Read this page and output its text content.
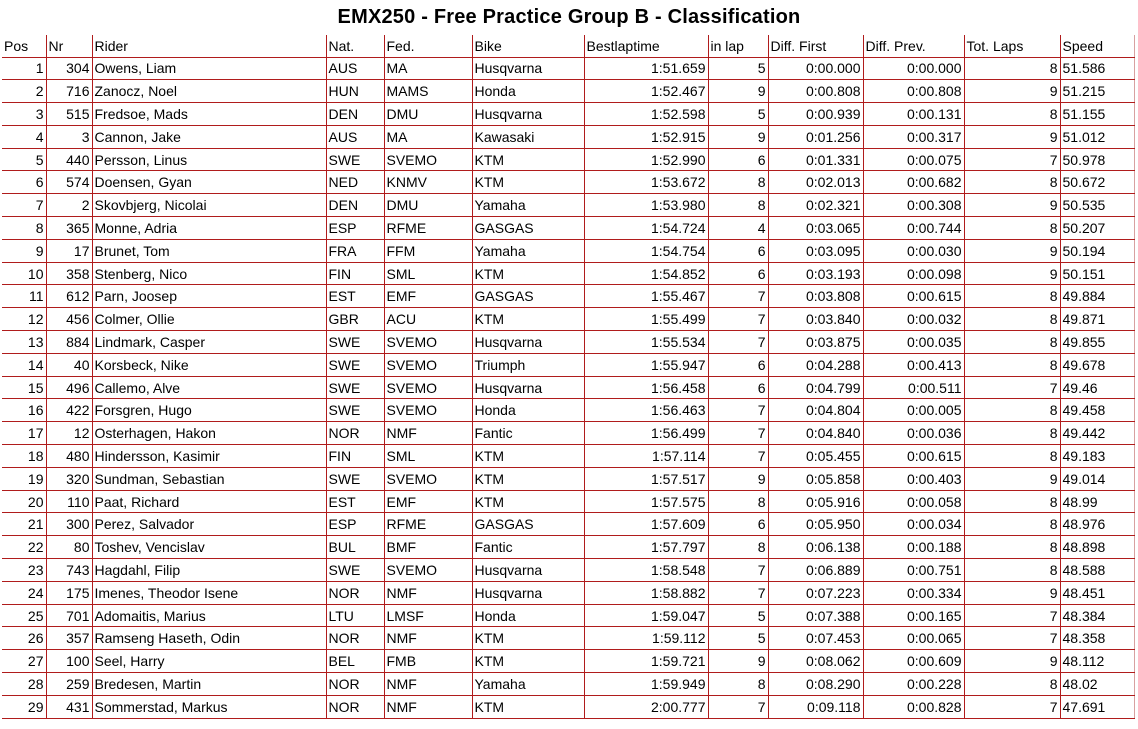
EMX250 - Free Practice Group B - Classification
Pos	Nr	Rider	Nat.	Fed.	Bike	Bestlaptime	in lap	Diff. First	Diff. Prev.	Tot. Laps	Speed
1	304	Owens, Liam	AUS	MA	Husqvarna	1:51.659	5	0:00.000	0:00.000	8	51.586
2	716	Zanocz, Noel	HUN	MAMS	Honda	1:52.467	9	0:00.808	0:00.808	9	51.215
3	515	Fredsoe, Mads	DEN	DMU	Husqvarna	1:52.598	5	0:00.939	0:00.131	8	51.155
4	3	Cannon, Jake	AUS	MA	Kawasaki	1:52.915	9	0:01.256	0:00.317	9	51.012
5	440	Persson, Linus	SWE	SVEMO	KTM	1:52.990	6	0:01.331	0:00.075	7	50.978
6	574	Doensen, Gyan	NED	KNMV	KTM	1:53.672	8	0:02.013	0:00.682	8	50.672
7	2	Skovbjerg, Nicolai	DEN	DMU	Yamaha	1:53.980	8	0:02.321	0:00.308	9	50.535
8	365	Monne, Adria	ESP	RFME	GASGAS	1:54.724	4	0:03.065	0:00.744	8	50.207
9	17	Brunet, Tom	FRA	FFM	Yamaha	1:54.754	6	0:03.095	0:00.030	9	50.194
10	358	Stenberg, Nico	FIN	SML	KTM	1:54.852	6	0:03.193	0:00.098	9	50.151
11	612	Parn, Joosep	EST	EMF	GASGAS	1:55.467	7	0:03.808	0:00.615	8	49.884
12	456	Colmer, Ollie	GBR	ACU	KTM	1:55.499	7	0:03.840	0:00.032	8	49.871
13	884	Lindmark, Casper	SWE	SVEMO	Husqvarna	1:55.534	7	0:03.875	0:00.035	8	49.855
14	40	Korsbeck, Nike	SWE	SVEMO	Triumph	1:55.947	6	0:04.288	0:00.413	8	49.678
15	496	Callemo, Alve	SWE	SVEMO	Husqvarna	1:56.458	6	0:04.799	0:00.511	7	49.46
16	422	Forsgren, Hugo	SWE	SVEMO	Honda	1:56.463	7	0:04.804	0:00.005	8	49.458
17	12	Osterhagen, Hakon	NOR	NMF	Fantic	1:56.499	7	0:04.840	0:00.036	8	49.442
18	480	Hindersson, Kasimir	FIN	SML	KTM	1:57.114	7	0:05.455	0:00.615	8	49.183
19	320	Sundman, Sebastian	SWE	SVEMO	KTM	1:57.517	9	0:05.858	0:00.403	9	49.014
20	110	Paat, Richard	EST	EMF	KTM	1:57.575	8	0:05.916	0:00.058	8	48.99
21	300	Perez, Salvador	ESP	RFME	GASGAS	1:57.609	6	0:05.950	0:00.034	8	48.976
22	80	Toshev, Vencislav	BUL	BMF	Fantic	1:57.797	8	0:06.138	0:00.188	8	48.898
23	743	Hagdahl, Filip	SWE	SVEMO	Husqvarna	1:58.548	7	0:06.889	0:00.751	8	48.588
24	175	Imenes, Theodor Isene	NOR	NMF	Husqvarna	1:58.882	7	0:07.223	0:00.334	9	48.451
25	701	Adomaitis, Marius	LTU	LMSF	Honda	1:59.047	5	0:07.388	0:00.165	7	48.384
26	357	Ramseng Haseth, Odin	NOR	NMF	KTM	1:59.112	5	0:07.453	0:00.065	7	48.358
27	100	Seel, Harry	BEL	FMB	KTM	1:59.721	9	0:08.062	0:00.609	9	48.112
28	259	Bredesen, Martin	NOR	NMF	Yamaha	1:59.949	8	0:08.290	0:00.228	8	48.02
29	431	Sommerstad, Markus	NOR	NMF	KTM	2:00.777	7	0:09.118	0:00.828	7	47.691
